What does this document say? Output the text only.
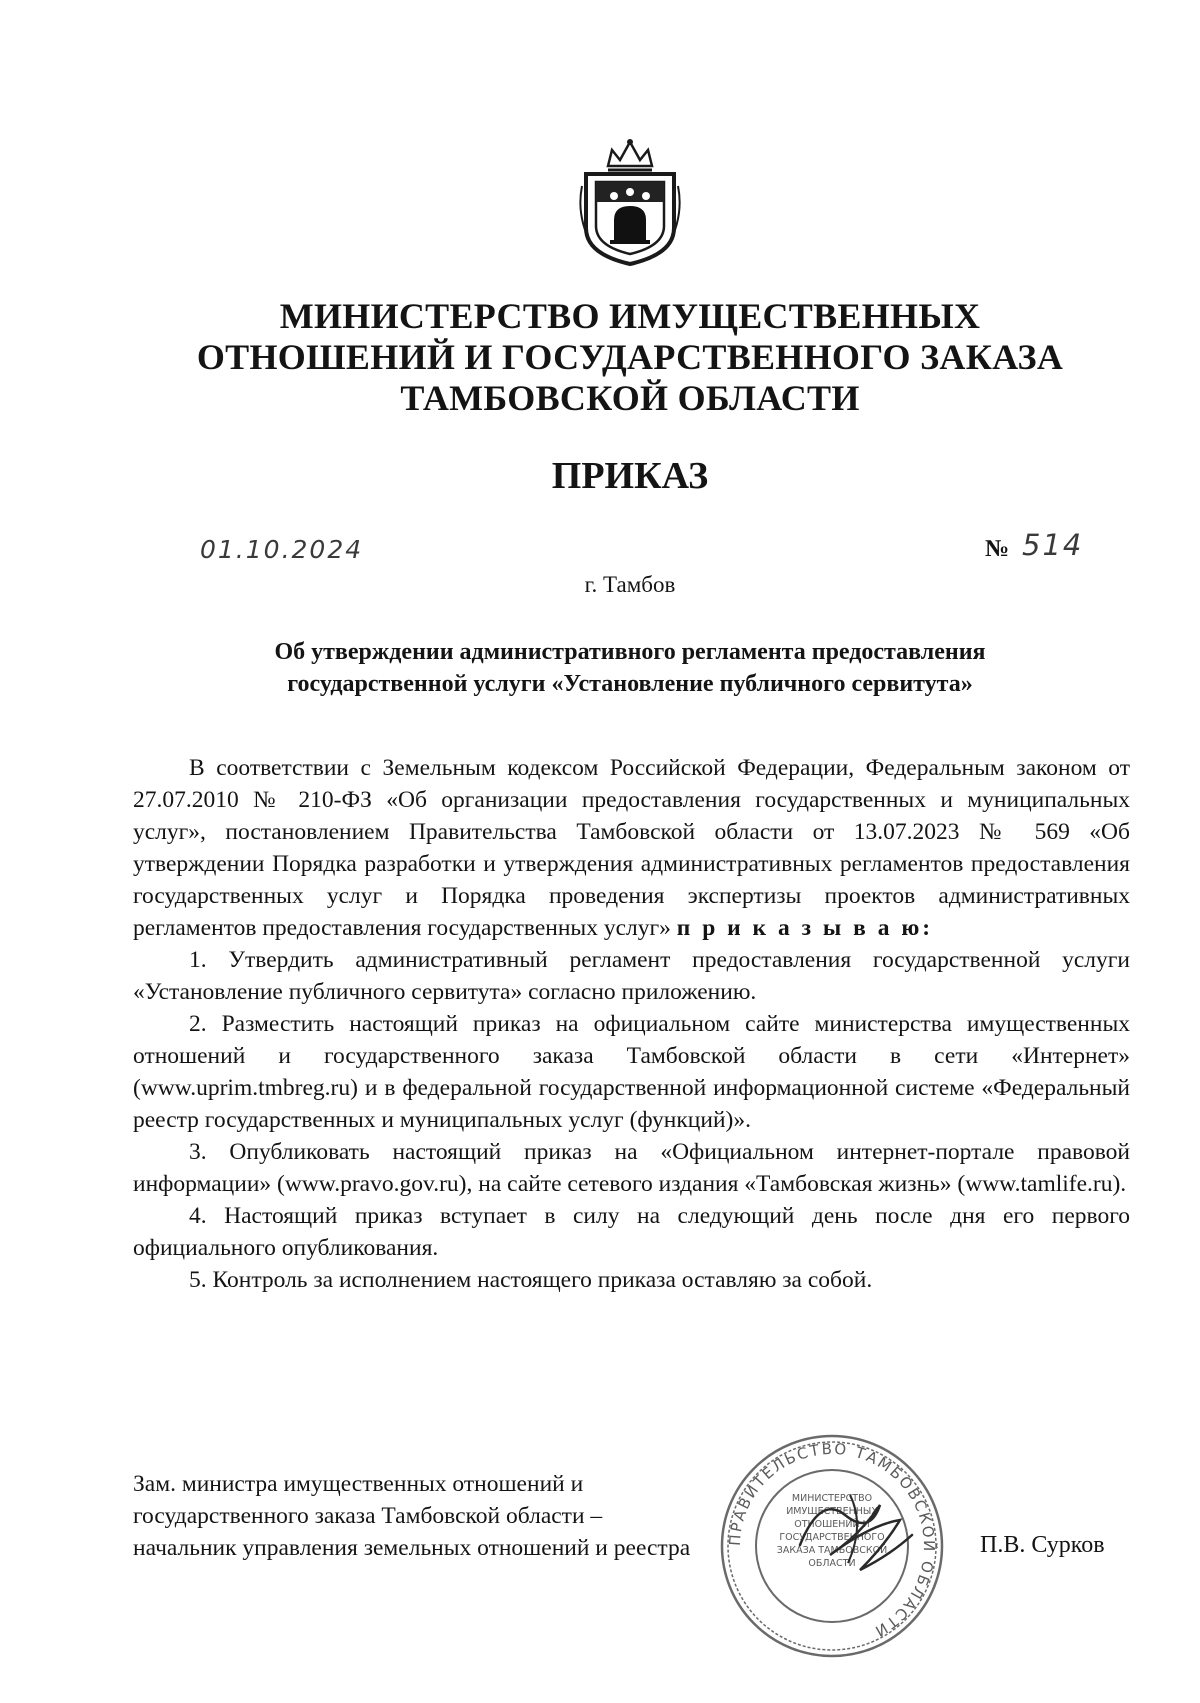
МИНИСТЕРСТВО ИМУЩЕСТВЕННЫХ
ОТНОШЕНИЙ И ГОСУДАРСТВЕННОГО ЗАКАЗА
ТАМБОВСКОЙ ОБЛАСТИ
ПРИКАЗ
01.10.2024	№ 514
г. Тамбов
Об утверждении административного регламента предоставления
государственной услуги «Установление публичного сервитута»

В соответствии с Земельным кодексом Российской Федерации, Федеральным законом от 27.07.2010 № 210-ФЗ «Об организации предоставления государственных и муниципальных услуг», постановлением Правительства Тамбовской области от 13.07.2023 № 569 «Об утверждении Порядка разработки и утверждения административных регламентов предоставления государственных услуг и Порядка проведения экспертизы проектов административных регламентов предоставления государственных услуг» п р и к а з ы в а ю:

1. Утвердить административный регламент предоставления государственной услуги «Установление публичного сервитута» согласно приложению.

2. Разместить настоящий приказ на официальном сайте министерства имущественных отношений и государственного заказа Тамбовской области в сети «Интернет» (www.uprim.tmbreg.ru) и в федеральной государственной информационной системе «Федеральный реестр государственных и муниципальных услуг (функций)».

3. Опубликовать настоящий приказ на «Официальном интернет-портале правовой информации» (www.pravo.gov.ru), на сайте сетевого издания «Тамбовская жизнь» (www.tamlife.ru).

4. Настоящий приказ вступает в силу на следующий день после дня его первого официального опубликования.

5. Контроль за исполнением настоящего приказа оставляю за собой.

Зам. министра имущественных отношений и
государственного заказа Тамбовской области –
начальник управления земельных отношений и реестра	ПРАВИТЕЛЬСТВО ТАМБОВСКОЙ ОБЛАСТИ
МИНИСТЕРСТВО ИМУЩЕСТВЕННЫХ ОТНОШЕНИЙ И ГОСУДАРСТВЕННОГО ЗАКАЗА ТАМБОВСКОЙ ОБЛАСТИ
П.В. Сурков
